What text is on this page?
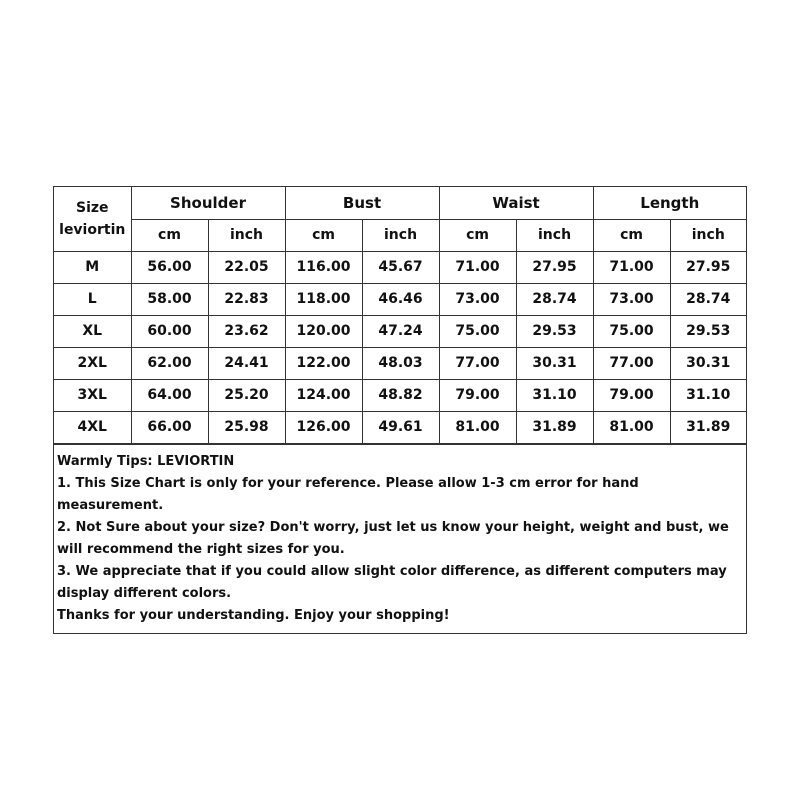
Size
leviortin	Shoulder		Bust		Waist		Length	
	cm	inch	cm	inch	cm	inch	cm	inch
M	56.00	22.05	116.00	45.67	71.00	27.95	71.00	27.95
L	58.00	22.83	118.00	46.46	73.00	28.74	73.00	28.74
XL	60.00	23.62	120.00	47.24	75.00	29.53	75.00	29.53
2XL	62.00	24.41	122.00	48.03	77.00	30.31	77.00	30.31
3XL	64.00	25.20	124.00	48.82	79.00	31.10	79.00	31.10
4XL	66.00	25.98	126.00	49.61	81.00	31.89	81.00	31.89

Warmly Tips: LEVIORTIN

1. This Size Chart is only for your reference. Please allow 1-3 cm error for hand measurement.

2. Not Sure about your size? Don't worry, just let us know your height, weight and bust, we will recommend the right sizes for you.

3. We appreciate that if you could allow slight color difference, as different computers may display different colors.

Thanks for your understanding. Enjoy your shopping!
